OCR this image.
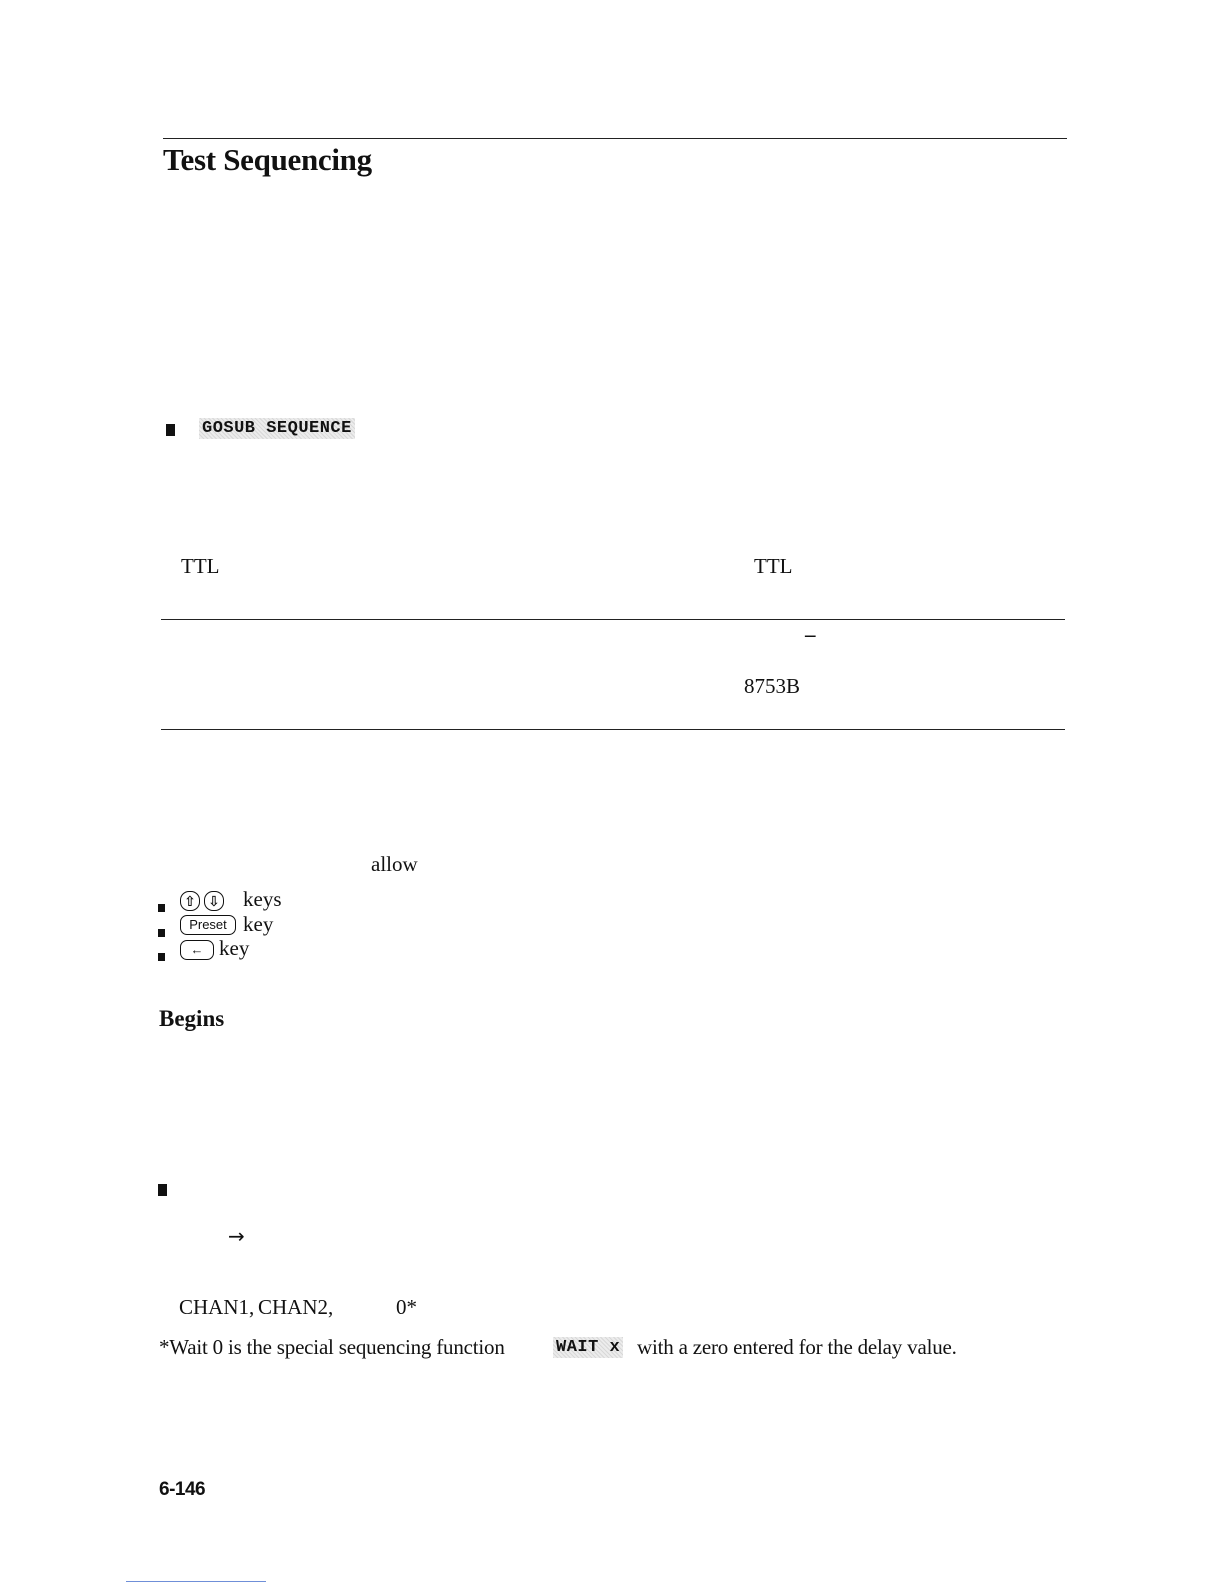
Test Sequencing
GOSUB SEQUENCE
TTL	TTL
–
8753B
allow
⇧ ⇩ keys
Preset key
← key
Begins
→
CHAN1, CHAN2,	0*
*Wait 0 is the special sequencing function	WAIT x with a zero entered for the delay value.
6-146
